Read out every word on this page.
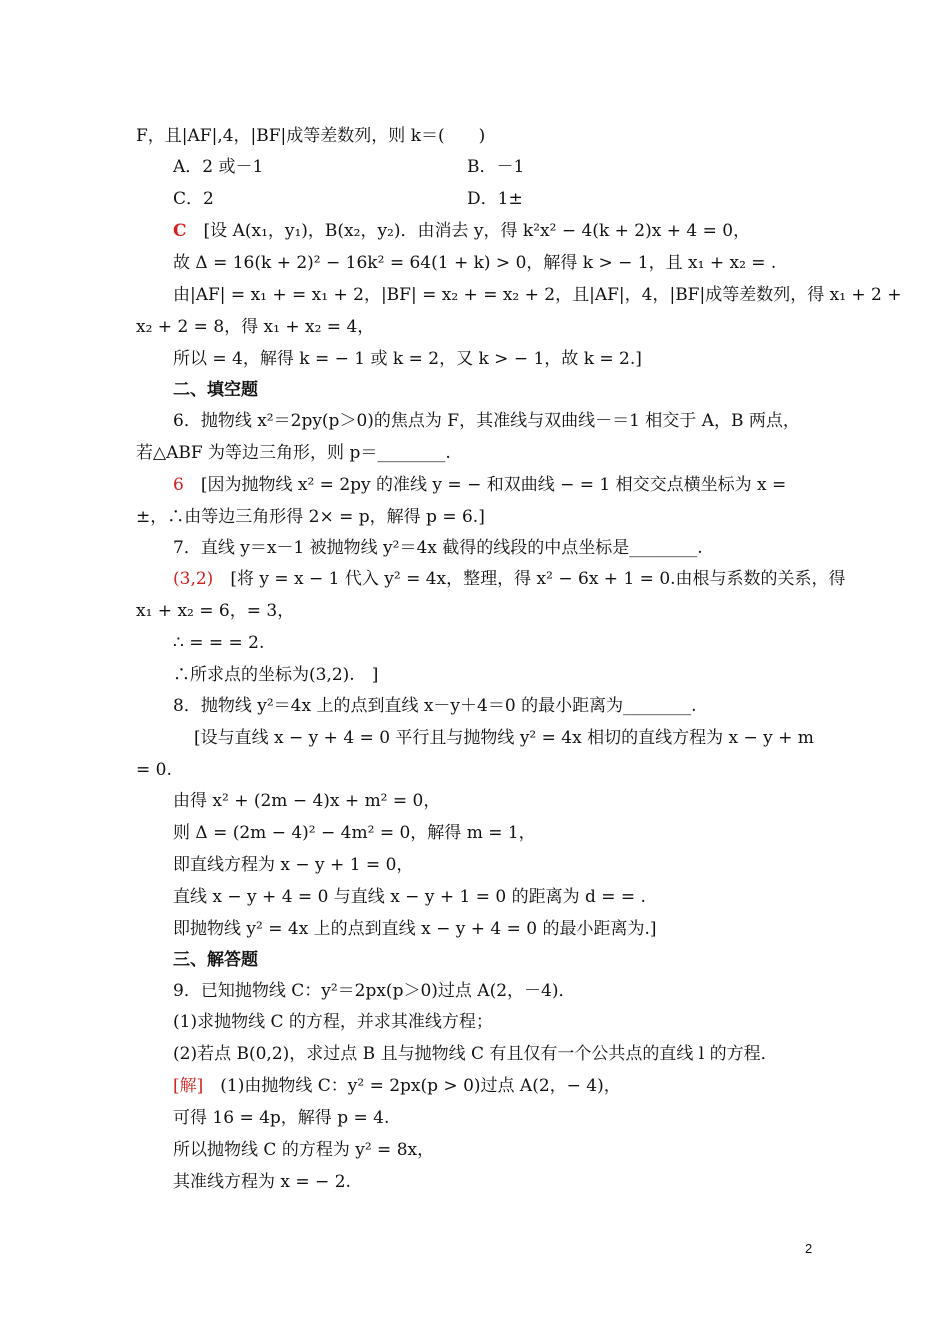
F，且|AF|,4，|BF|成等差数列，则 k＝(　　)
A．2 或－1	B．－1
C．2	D．1±
C　 [设 A(x₁，y₁)，B(x₂，y₂)．由消去 y，得 k²x² − 4(k + 2)x + 4 = 0，
故 Δ = 16(k + 2)² − 16k² = 64(1 + k) > 0，解得 k > − 1，且 x₁ + x₂ = .
由|AF| = x₁ + = x₁ + 2，|BF| = x₂ + = x₂ + 2，且|AF|，4，|BF|成等差数列，得 x₁ + 2 +
x₂ + 2 = 8，得 x₁ + x₂ = 4，
所以 = 4，解得 k = − 1 或 k = 2，又 k > − 1，故 k = 2.]
二、填空题
6．抛物线 x²＝2py(p＞0)的焦点为 F，其准线与双曲线－＝1 相交于 A，B 两点，
若△ABF 为等边三角形，则 p＝________.
6　 [因为抛物线 x² = 2py 的准线 y = − 和双曲线 − = 1 相交交点横坐标为 x =
±，∴由等边三角形得 2× = p，解得 p = 6.]
7．直线 y＝x－1 被抛物线 y²＝4x 截得的线段的中点坐标是________.
(3,2)　 [将 y = x − 1 代入 y² = 4x，整理，得 x² − 6x + 1 = 0.由根与系数的关系，得
x₁ + x₂ = 6，= 3，
∴ = = = 2.
∴所求点的坐标为(3,2).　]
8．抛物线 y²＝4x 上的点到直线 x－y＋4＝0 的最小距离为________.
[设与直线 x − y + 4 = 0 平行且与抛物线 y² = 4x 相切的直线方程为 x − y + m
= 0.
由得 x² + (2m − 4)x + m² = 0，
则 Δ = (2m − 4)² − 4m² = 0，解得 m = 1，
即直线方程为 x − y + 1 = 0，
直线 x − y + 4 = 0 与直线 x − y + 1 = 0 的距离为 d = = .
即抛物线 y² = 4x 上的点到直线 x − y + 4 = 0 的最小距离为.]
三、解答题
9．已知抛物线 C：y²＝2px(p＞0)过点 A(2，－4)．
(1)求抛物线 C 的方程，并求其准线方程；
(2)若点 B(0,2)，求过点 B 且与抛物线 C 有且仅有一个公共点的直线 l 的方程．
[解]　 (1)由抛物线 C：y² = 2px(p > 0)过点 A(2，− 4)，
可得 16 = 4p，解得 p = 4.
所以抛物线 C 的方程为 y² = 8x，
其准线方程为 x = − 2.
2
